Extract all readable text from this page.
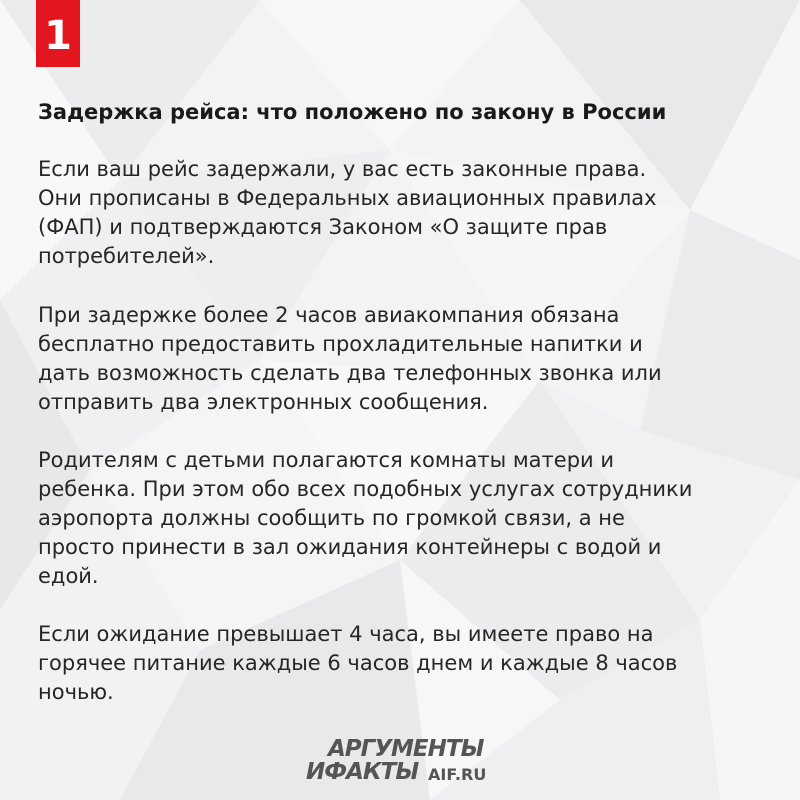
1
Задержка рейса: что положено по закону в России

Если ваш рейс задержали, у вас есть законные права.
Они прописаны в Федеральных авиационных правилах
(ФАП) и подтверждаются Законом «О защите прав
потребителей».

При задержке более 2 часов авиакомпания обязана
бесплатно предоставить прохладительные напитки и
дать возможность сделать два телефонных звонка или
отправить два электронных сообщения.

Родителям с детьми полагаются комнаты матери и
ребенка. При этом обо всех подобных услугах сотрудники
аэропорта должны сообщить по громкой связи, а не
просто принести в зал ожидания контейнеры с водой и
едой.

Если ожидание превышает 4 часа, вы имеете право на
горячее питание каждые 6 часов днем и каждые 8 часов
ночью.

АРГУМЕНТЫ
ИФАКТЫ AIF.RU
